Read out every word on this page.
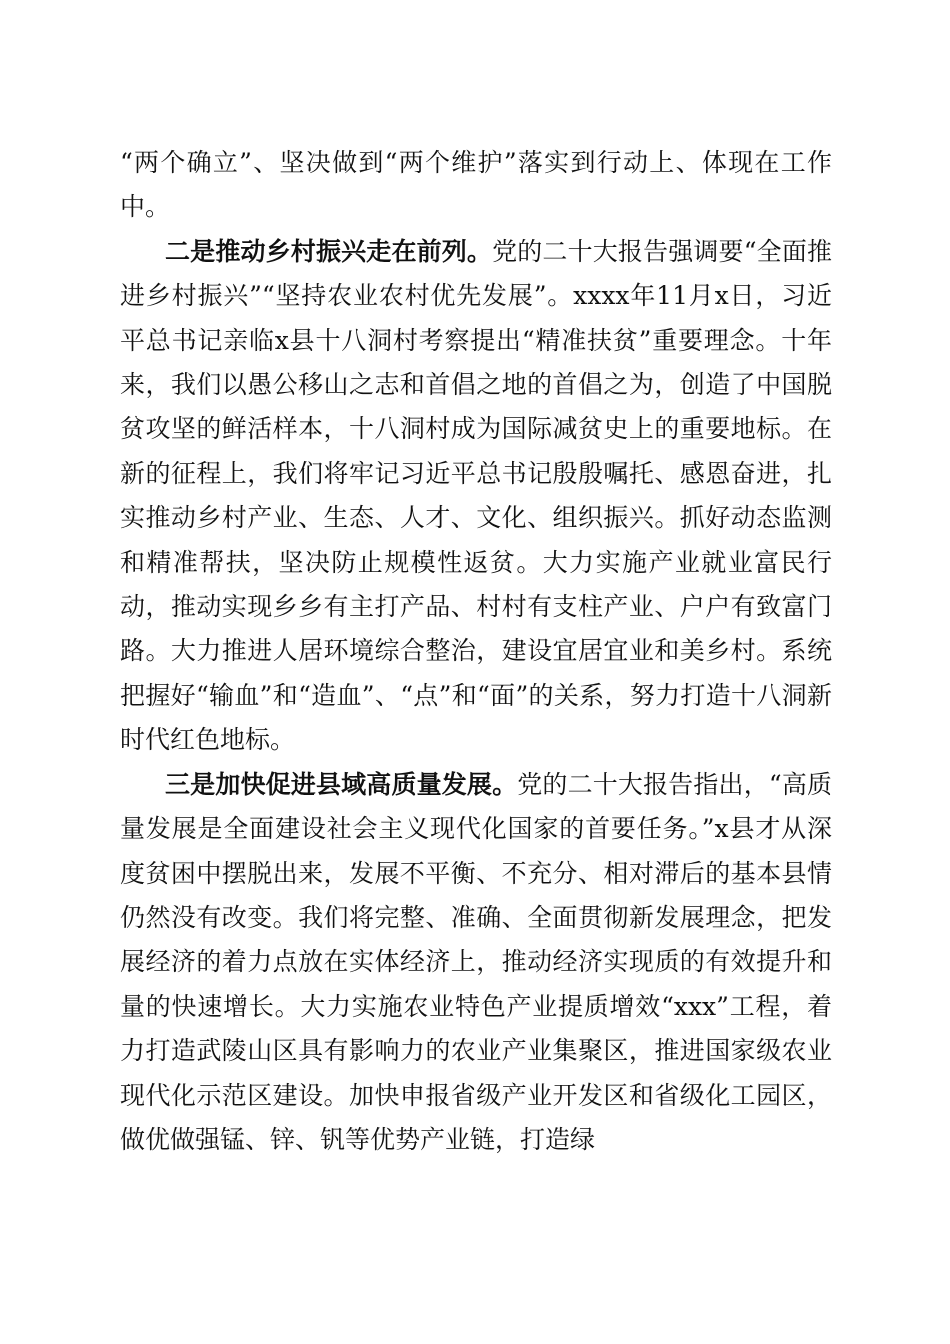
“两个确立”、坚决做到“两个维护”落实到行动上、体现在工作中。

二是推动乡村振兴走在前列。党的二十大报告强调要“全面推进乡村振兴”“坚持农业农村优先发展”。xxxx年11月x日，习近平总书记亲临x县十八洞村考察提出“精准扶贫”重要理念。十年来，我们以愚公移山之志和首倡之地的首倡之为，创造了中国脱贫攻坚的鲜活样本，十八洞村成为国际减贫史上的重要地标。在新的征程上，我们将牢记习近平总书记殷殷嘱托、感恩奋进，扎实推动乡村产业、生态、人才、文化、组织振兴。抓好动态监测和精准帮扶，坚决防止规模性返贫。大力实施产业就业富民行动，推动实现乡乡有主打产品、村村有支柱产业、户户有致富门路。大力推进人居环境综合整治，建设宜居宜业和美乡村。系统把握好“输血”和“造血”、“点”和“面”的关系，努力打造十八洞新时代红色地标。

三是加快促进县域高质量发展。党的二十大报告指出，“高质量发展是全面建设社会主义现代化国家的首要任务。”x县才从深度贫困中摆脱出来，发展不平衡、不充分、相对滞后的基本县情仍然没有改变。我们将完整、准确、全面贯彻新发展理念，把发展经济的着力点放在实体经济上，推动经济实现质的有效提升和量的快速增长。大力实施农业特色产业提质增效“xxx”工程，着力打造武陵山区具有影响力的农业产业集聚区，推进国家级农业现代化示范区建设。加快申报省级产业开发区和省级化工园区，做优做强锰、锌、钒等优势产业链，打造绿
